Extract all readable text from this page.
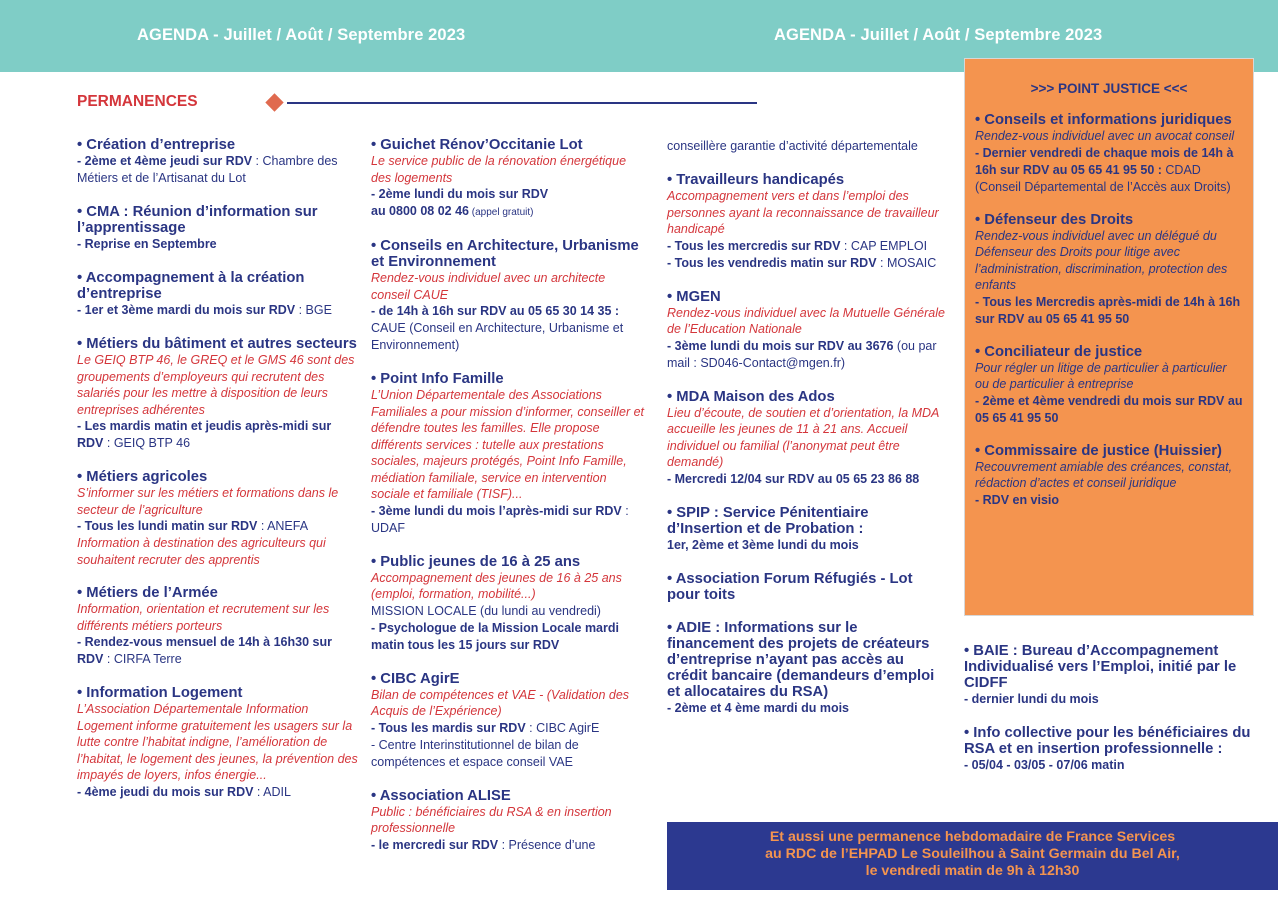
AGENDA - Juillet / Août / Septembre 2023	AGENDA - Juillet / Août / Septembre 2023
PERMANENCES
• Création d’entreprise
- 2ème et 4ème jeudi sur RDV : Chambre des Métiers et de l’Artisanat du Lot
• CMA : Réunion d’information sur l’apprentissage
- Reprise en Septembre
• Accompagnement à la création d’entreprise
- 1er et 3ème mardi du mois sur RDV : BGE
• Métiers du bâtiment et autres secteurs
Le GEIQ BTP 46, le GREQ et le GMS 46 sont des groupements d’employeurs qui recrutent des salariés pour les mettre à disposition de leurs entreprises adhérentes
- Les mardis matin et jeudis après-midi sur RDV : GEIQ BTP 46
• Métiers agricoles
S’informer sur les métiers et formations dans le secteur de l’agriculture
- Tous les lundi matin sur RDV : ANEFA
Information à destination des agriculteurs qui souhaitent recruter des apprentis
• Métiers de l’Armée
Information, orientation et recrutement sur les différents métiers porteurs
- Rendez-vous mensuel de 14h à 16h30 sur RDV : CIRFA Terre
• Information Logement
L’Association Départementale Information Logement informe gratuitement les usagers sur la lutte contre l’habitat indigne, l’amélioration de l’habitat, le logement des jeunes, la prévention des impayés de loyers, infos énergie...
- 4ème jeudi du mois sur RDV : ADIL
• Guichet Rénov’Occitanie Lot
Le service public de la rénovation énergétique des logements
- 2ème lundi du mois sur RDV
au 0800 08 02 46 (appel gratuit)
• Conseils en Architecture, Urbanisme et Environnement
Rendez-vous individuel avec un architecte conseil CAUE
- de 14h à 16h sur RDV au 05 65 30 14 35 : CAUE (Conseil en Architecture, Urbanisme et Environnement)
• Point Info Famille
L’Union Départementale des Associations Familiales a pour mission d’informer, conseiller et défendre toutes les familles. Elle propose différents services : tutelle aux prestations sociales, majeurs protégés, Point Info Famille, médiation familiale, service en intervention sociale et familiale (TISF)...
- 3ème lundi du mois l’après-midi sur RDV : UDAF
• Public jeunes de 16 à 25 ans
Accompagnement des jeunes de 16 à 25 ans (emploi, formation, mobilité...)
MISSION LOCALE (du lundi au vendredi)
- Psychologue de la Mission Locale mardi matin tous les 15 jours sur RDV
• CIBC AgirE
Bilan de compétences et VAE - (Validation des Acquis de l’Expérience)
- Tous les mardis sur RDV : CIBC AgirE
- Centre Interinstitutionnel de bilan de compétences et espace conseil VAE
• Association ALISE
Public : bénéficiaires du RSA & en insertion professionnelle
- le mercredi sur RDV : Présence d’une
conseillère garantie d’activité départementale
• Travailleurs handicapés
Accompagnement vers et dans l’emploi des personnes ayant la reconnaissance de travailleur handicapé
- Tous les mercredis sur RDV : CAP EMPLOI
- Tous les vendredis matin sur RDV : MOSAIC
• MGEN
Rendez-vous individuel avec la Mutuelle Générale de l’Education Nationale
- 3ème lundi du mois sur RDV au 3676 (ou par mail : SD046-Contact@mgen.fr)
• MDA Maison des Ados
Lieu d’écoute, de soutien et d’orientation, la MDA accueille les jeunes de 11 à 21 ans. Accueil individuel ou familial (l’anonymat peut être demandé)
- Mercredi 12/04 sur RDV au 05 65 23 86 88
• SPIP : Service Pénitentiaire d’Insertion et de Probation :
1er, 2ème et 3ème lundi du mois
• Association Forum Réfugiés - Lot pour toits
• ADIE : Informations sur le financement des projets de créateurs d’entreprise n’ayant pas accès au crédit bancaire (demandeurs d’emploi et allocataires du RSA)
- 2ème et 4 ème mardi du mois
>>> POINT JUSTICE <<<
• Conseils et informations juridiques
Rendez-vous individuel avec un avocat conseil
- Dernier vendredi de chaque mois de 14h à 16h sur RDV au 05 65 41 95 50 : CDAD (Conseil Départemental de l’Accès aux Droits)
• Défenseur des Droits
Rendez-vous individuel avec un délégué du Défenseur des Droits pour litige avec l’administration, discrimination, protection des enfants
- Tous les Mercredis après-midi de 14h à 16h sur RDV au 05 65 41 95 50
• Conciliateur de justice
Pour régler un litige de particulier à particulier ou de particulier à entreprise
- 2ème et 4ème vendredi du mois sur RDV au 05 65 41 95 50
• Commissaire de justice (Huissier)
Recouvrement amiable des créances, constat, rédaction d’actes et conseil juridique
- RDV en visio
• BAIE : Bureau d’Accompagnement Individualisé vers l’Emploi, initié par le CIDFF
- dernier lundi du mois
• Info collective pour les bénéficiaires du RSA et en insertion professionnelle :
- 05/04 - 03/05 - 07/06 matin
Et aussi une permanence hebdomadaire de France Services
au RDC de l’EHPAD Le Souleilhou à Saint Germain du Bel Air,
le vendredi matin de 9h à 12h30
